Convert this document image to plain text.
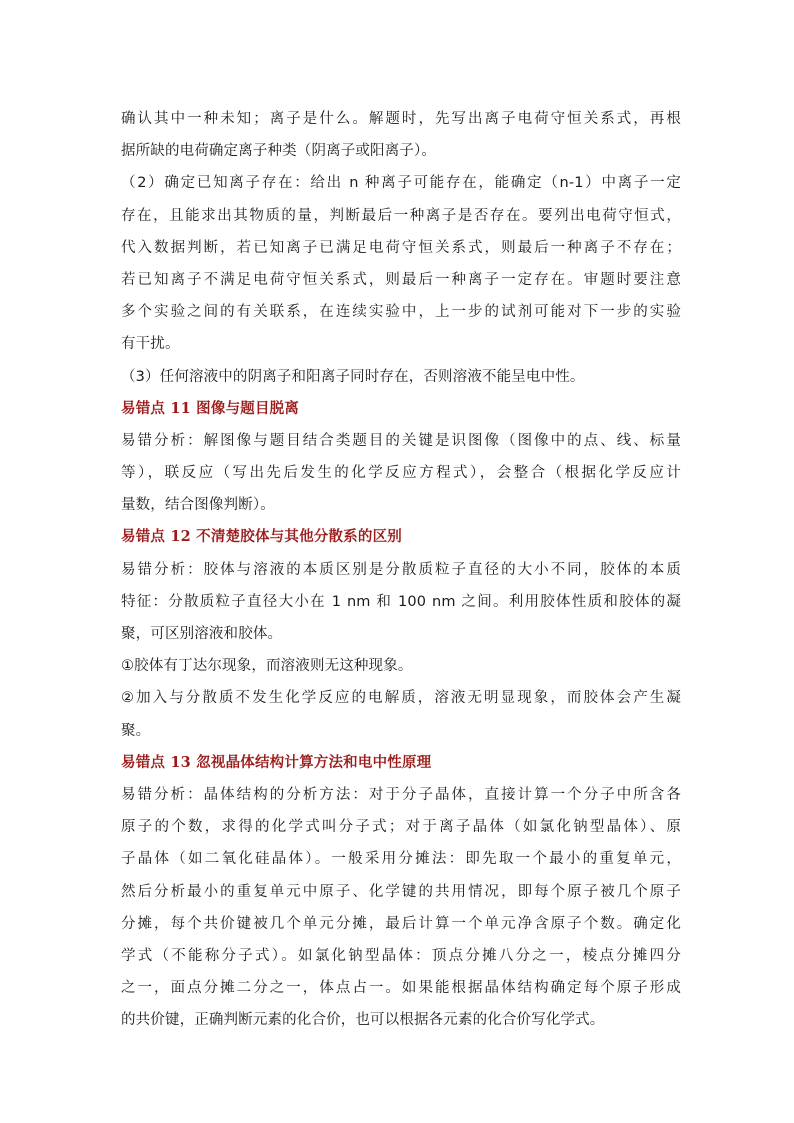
确认其中一种未知；离子是什么。解题时，先写出离子电荷守恒关系式，再根
据所缺的电荷确定离子种类（阴离子或阳离子）。
（2）确定已知离子存在：给出 n 种离子可能存在，能确定（n-1）中离子一定
存在，且能求出其物质的量，判断最后一种离子是否存在。要列出电荷守恒式，
代入数据判断，若已知离子已满足电荷守恒关系式，则最后一种离子不存在；
若已知离子不满足电荷守恒关系式，则最后一种离子一定存在。审题时要注意
多个实验之间的有关联系，在连续实验中，上一步的试剂可能对下一步的实验
有干扰。
（3）任何溶液中的阴离子和阳离子同时存在，否则溶液不能呈电中性。
易错点 11 图像与题目脱离
易错分析：解图像与题目结合类题目的关键是识图像（图像中的点、线、标量
等），联反应（写出先后发生的化学反应方程式），会整合（根据化学反应计
量数，结合图像判断）。
易错点 12 不清楚胶体与其他分散系的区别
易错分析：胶体与溶液的本质区别是分散质粒子直径的大小不同，胶体的本质
特征：分散质粒子直径大小在 1 nm 和 100 nm 之间。利用胶体性质和胶体的凝
聚，可区别溶液和胶体。
①胶体有丁达尔现象，而溶液则无这种现象。
②加入与分散质不发生化学反应的电解质，溶液无明显现象，而胶体会产生凝
聚。
易错点 13 忽视晶体结构计算方法和电中性原理
易错分析：晶体结构的分析方法：对于分子晶体，直接计算一个分子中所含各
原子的个数，求得的化学式叫分子式；对于离子晶体（如氯化钠型晶体）、原
子晶体（如二氧化硅晶体）。一般采用分摊法：即先取一个最小的重复单元，
然后分析最小的重复单元中原子、化学键的共用情况，即每个原子被几个原子
分摊，每个共价键被几个单元分摊，最后计算一个单元净含原子个数。确定化
学式（不能称分子式）。如氯化钠型晶体：顶点分摊八分之一，棱点分摊四分
之一，面点分摊二分之一，体点占一。如果能根据晶体结构确定每个原子形成
的共价键，正确判断元素的化合价，也可以根据各元素的化合价写化学式。
